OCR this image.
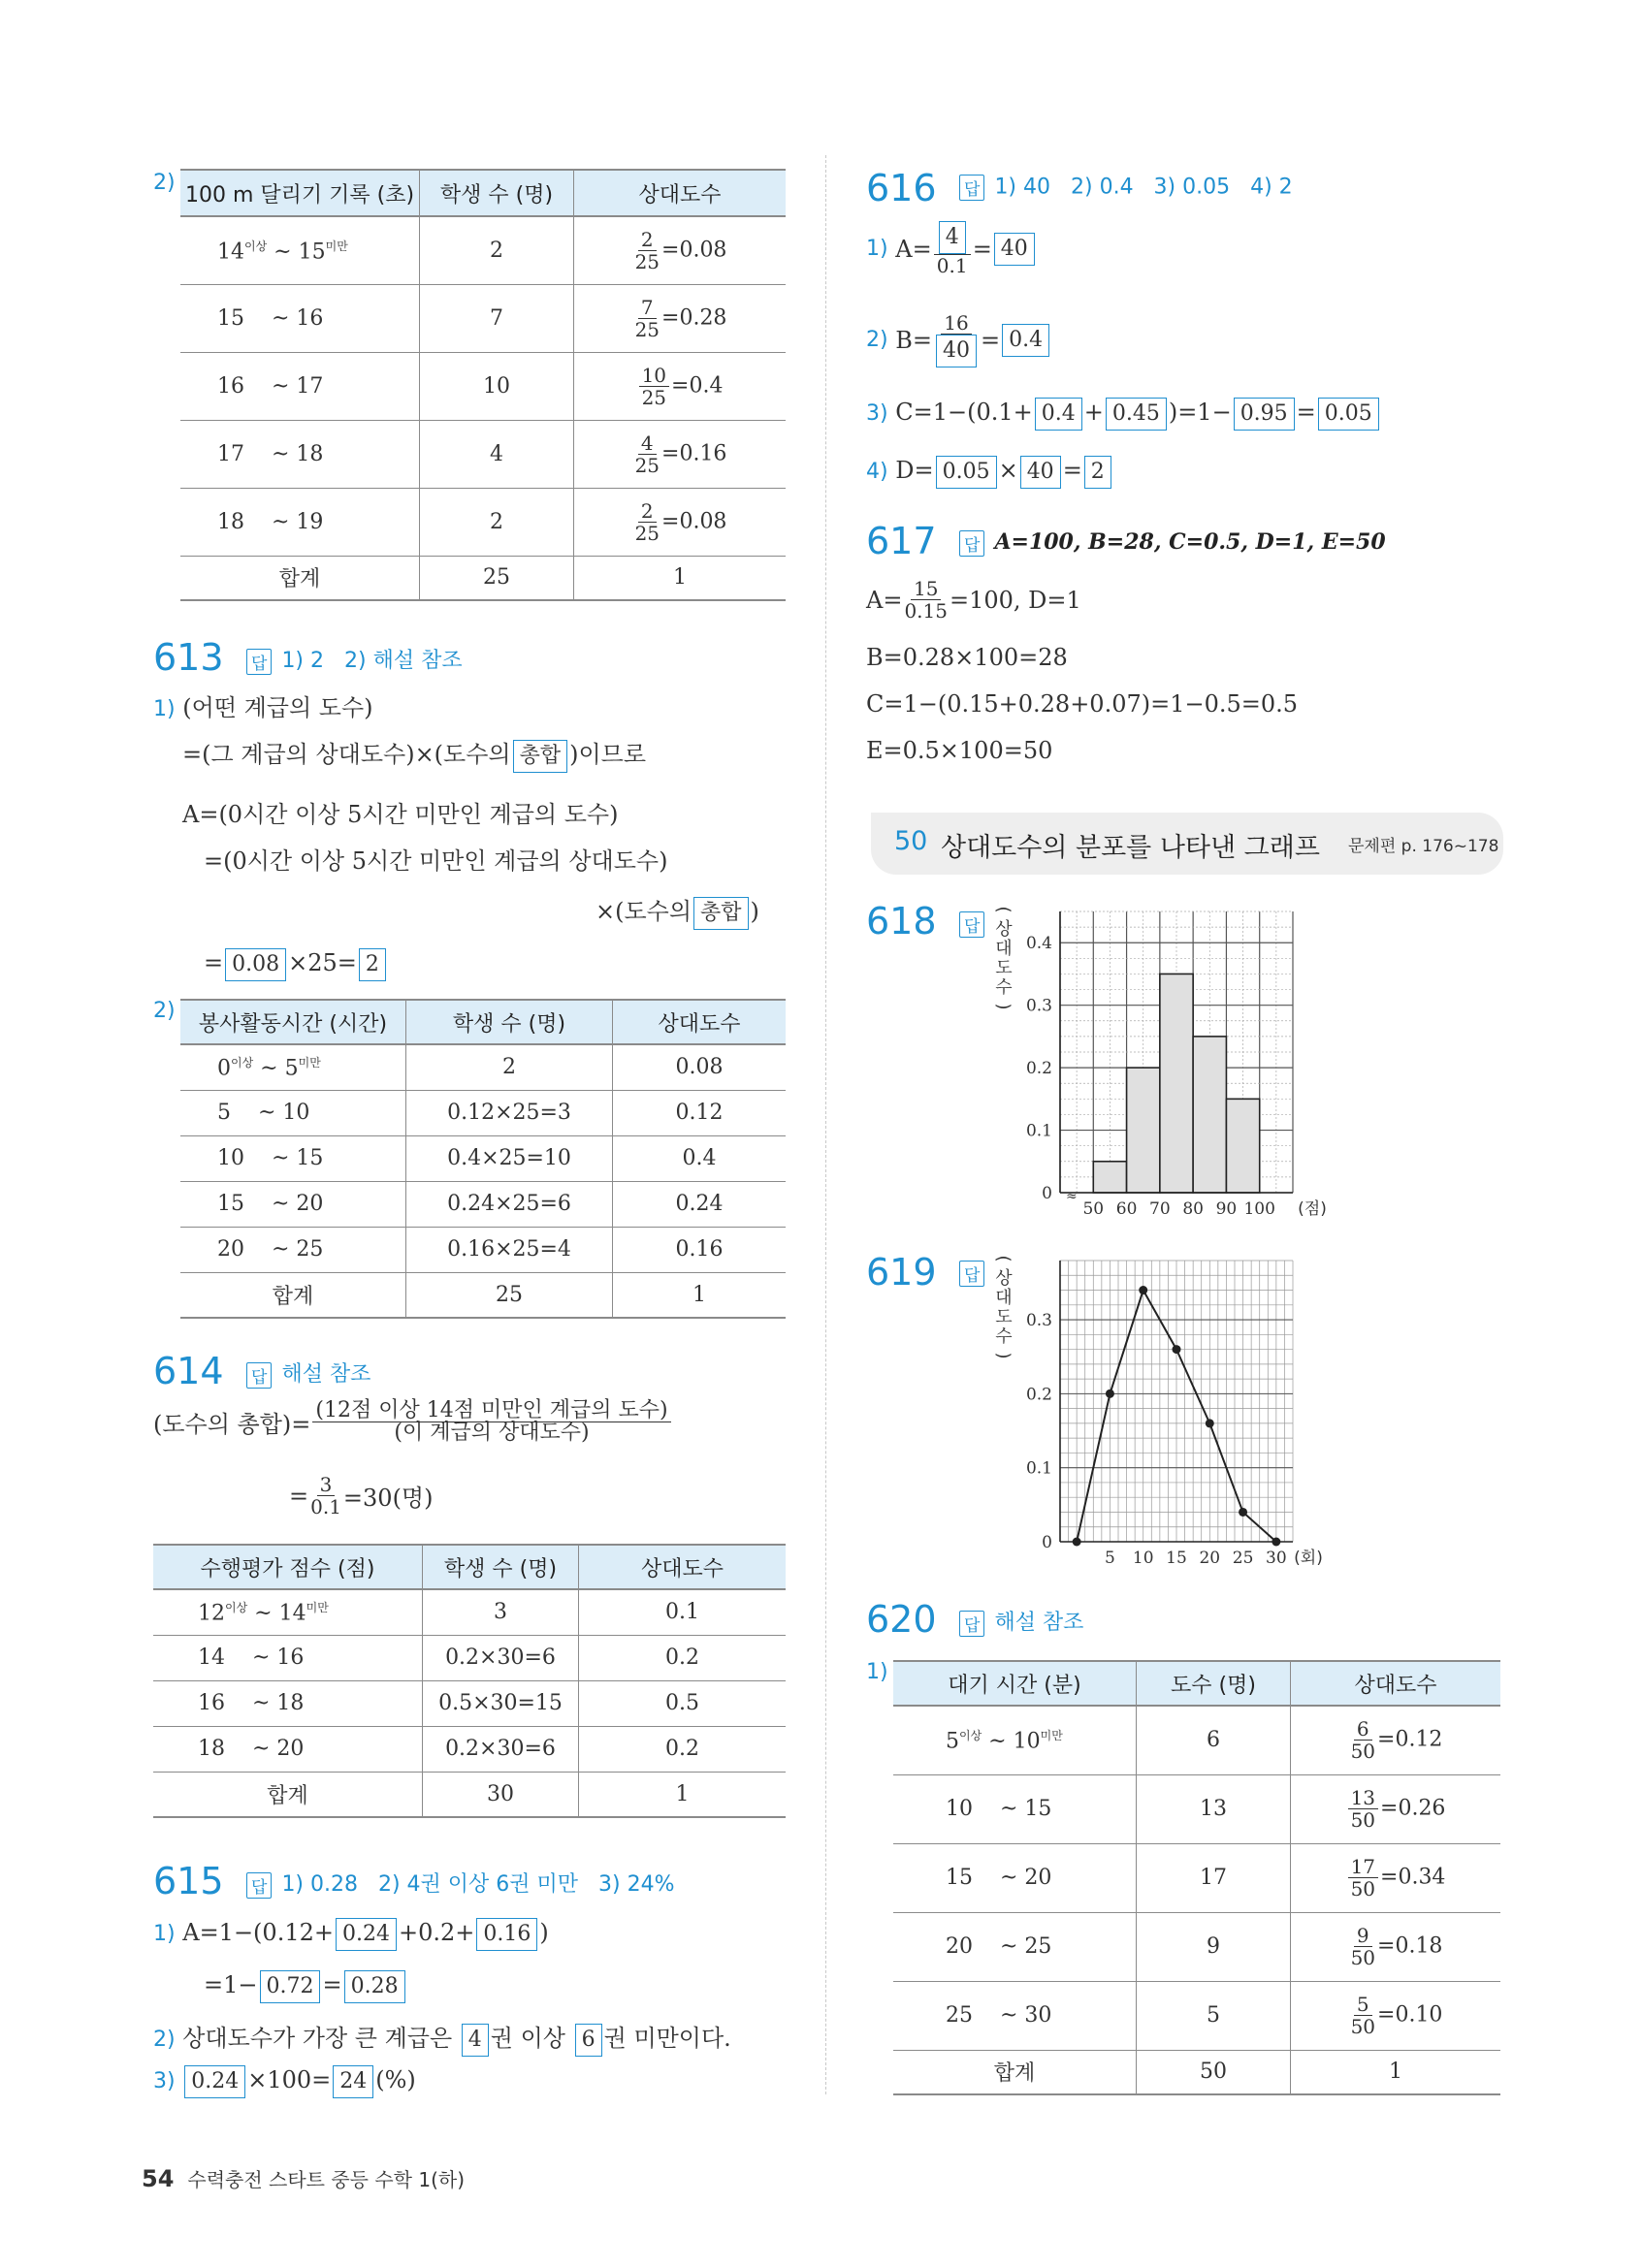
2) 100 m 달리기 기록 (초)	학생 수 (명)	상대도수
$14^{이상}$ ~ $15^{미만}$	2	$\frac{2}{25} =0.08$
15    ~ 16	7	$\frac{7}{25} =0.28$
16    ~ 17	10	$\frac{10}{25} =0.4$
17    ~ 18	4	$\frac{4}{25} =0.16$
18    ~ 19	2	$\frac{2}{25} =0.08$
합계	25	1
613 답 1) 2 2) 해설 참조
1) (어떤 계급의 도수)
=(그 계급의 상대도수)×(도수의 총합 )이므로
A=(0시간 이상 5시간 미만인 계급의 도수)
=(0시간 이상 5시간 미만인 계급의 상대도수)
×(도수의 총합 )
= 0.08 ×25= 2
2)
봉사활동시간 (시간)	학생 수 (명)	상대도수
$0^{이상}$ ~ $5^{미만}$	2	0.08
5    ~ 10	0.12×25=3	0.12
10    ~ 15	0.4×25=10	0.4
15    ~ 20	0.24×25=6	0.24
20    ~ 25	0.16×25=4	0.16
합계	25	1
614 답 해설 참조
(도수의 총합)= $\frac{\text{(12점 이상 14점 미만인 계급의 도수)}}{\text{(이 계급의 상대도수)}}$
= $\frac{3}{0.1} =30$(명)
수행평가 점수 (점)	학생 수 (명)	상대도수
$12^{이상}$ ~ $14^{미만}$	3	0.1
14    ~ 16	0.2×30=6	0.2
16    ~ 18	0.5×30=15	0.5
18    ~ 20	0.2×30=6	0.2
합계	30	1
615 답 1) 0.28 2) 4권 이상 6권 미만 3) 24%
1) A=1−(0.12+ 0.24 +0.2+ 0.16 )
=1− 0.72 = 0.28
2) 상대도수가 가장 큰 계급은 4 권 이상 6 권 미만이다.
3) 0.24 ×100= 24 (%)
616 답 1) 40 2) 0.4 3) 0.05 4) 2
1)
$A= \frac{4}{0.1} = 40$
2)
$B= \frac{16}{40} = 0.4$
3) C=1−(0.1+ 0.4 + 0.45 )=1− 0.95 = 0.05
4) D= 0.05 × 40 = 2
617 답 A=100, B=28, C=0.5, D=1, E=50
$A= \frac{15}{0.15} =100$, D=1
B=0.28×100=28
C=1−(0.15+0.28+0.07)=1−0.5=0.5
E=0.5×100=50
618 답
≈
50 60 70 80 90 100 (점)
0
0.1
0.2
0.3
0.4
(
상
대
도
수
)
619 답
5 10 15 20 25 30 (회)
0
0.1
0.2
0.3
(
상
대
도
수
)
620 답 해설 참조
1)
대기 시간 (분)	도수 (명)	상대도수
$5^{이상}$ ~ $10^{미만}$	6	$\frac{6}{50} =0.12$
10    ~ 15	13	$\frac{13}{50} =0.26$
15    ~ 20	17	$\frac{17}{50} =0.34$
20    ~ 25	9	$\frac{9}{50} =0.18$
25    ~ 30	5	$\frac{5}{50} =0.10$
합계	50	1
50 상대도수의 분포를 나타낸 그래프 문제편 p. 176~178
54 수력충전 스타트 중등 수학 1(하)
